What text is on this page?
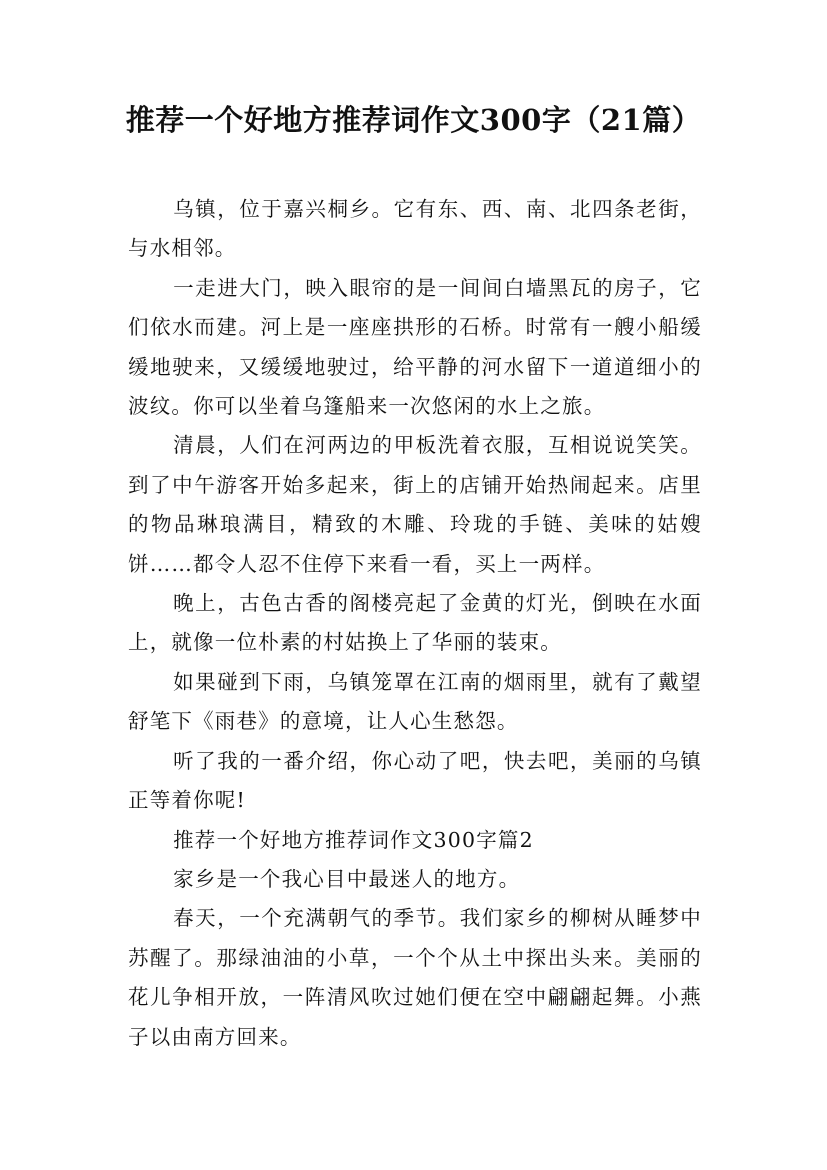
推荐一个好地方推荐词作文300字（21篇）

乌镇，位于嘉兴桐乡。它有东、西、南、北四条老街，与水相邻。

一走进大门，映入眼帘的是一间间白墙黑瓦的房子，它们依水而建。河上是一座座拱形的石桥。时常有一艘小船缓缓地驶来，又缓缓地驶过，给平静的河水留下一道道细小的波纹。你可以坐着乌篷船来一次悠闲的水上之旅。

清晨，人们在河两边的甲板洗着衣服，互相说说笑笑。到了中午游客开始多起来，街上的店铺开始热闹起来。店里的物品琳琅满目，精致的木雕、玲珑的手链、美味的姑嫂饼……都令人忍不住停下来看一看，买上一两样。

晚上，古色古香的阁楼亮起了金黄的灯光，倒映在水面上，就像一位朴素的村姑换上了华丽的装束。

如果碰到下雨，乌镇笼罩在江南的烟雨里，就有了戴望舒笔下《雨巷》的意境，让人心生愁怨。

听了我的一番介绍，你心动了吧，快去吧，美丽的乌镇正等着你呢!

推荐一个好地方推荐词作文300字篇2

家乡是一个我心目中最迷人的地方。

春天，一个充满朝气的季节。我们家乡的柳树从睡梦中苏醒了。那绿油油的小草，一个个从土中探出头来。美丽的花儿争相开放，一阵清风吹过她们便在空中翩翩起舞。小燕子以由南方回来。
